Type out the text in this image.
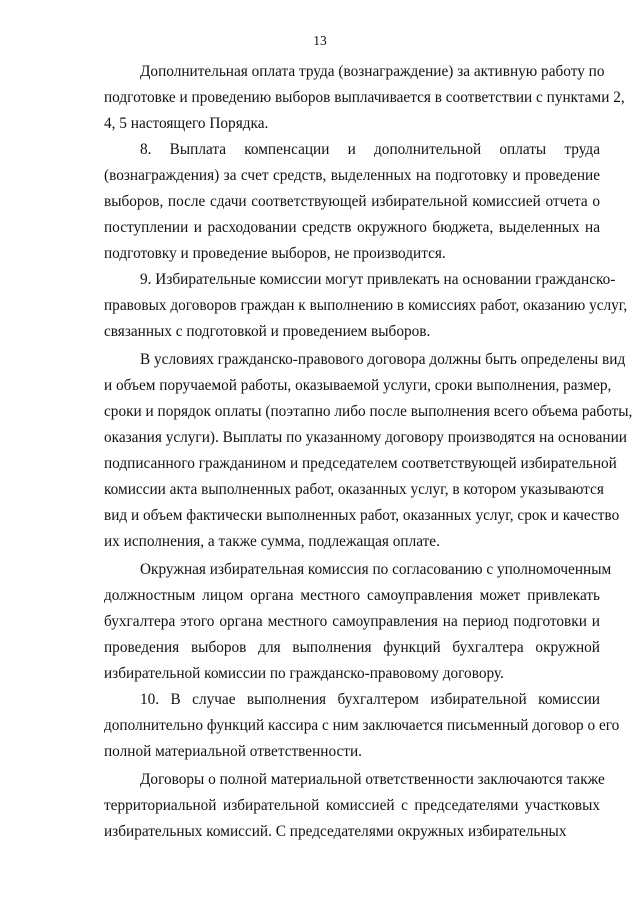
13
Дополнительная оплата труда (вознаграждение) за активную работу по
подготовке и проведению выборов выплачивается в соответствии с пунктами 2,
4, 5 настоящего Порядка.
8. Выплата компенсации и дополнительной оплаты труда
(вознаграждения) за счет средств, выделенных на подготовку и проведение
выборов, после сдачи соответствующей избирательной комиссией отчета о
поступлении и расходовании средств окружного бюджета, выделенных на
подготовку и проведение выборов, не производится.
9. Избирательные комиссии могут привлекать на основании гражданско-
правовых договоров граждан к выполнению в комиссиях работ, оказанию услуг,
связанных с подготовкой и проведением выборов.
В условиях гражданско-правового договора должны быть определены вид
и объем поручаемой работы, оказываемой услуги, сроки выполнения, размер,
сроки и порядок оплаты (поэтапно либо после выполнения всего объема работы,
оказания услуги). Выплаты по указанному договору производятся на основании
подписанного гражданином и председателем соответствующей избирательной
комиссии акта выполненных работ, оказанных услуг, в котором указываются
вид и объем фактически выполненных работ, оказанных услуг, срок и качество
их исполнения, а также сумма, подлежащая оплате.
Окружная избирательная комиссия по согласованию с уполномоченным
должностным лицом органа местного самоуправления может привлекать
бухгалтера этого органа местного самоуправления на период подготовки и
проведения выборов для выполнения функций бухгалтера окружной
избирательной комиссии по гражданско-правовому договору.
10. В случае выполнения бухгалтером избирательной комиссии
дополнительно функций кассира с ним заключается письменный договор о его
полной материальной ответственности.
Договоры о полной материальной ответственности заключаются также
территориальной избирательной комиссией с председателями участковых
избирательных комиссий. С председателями окружных избирательных
